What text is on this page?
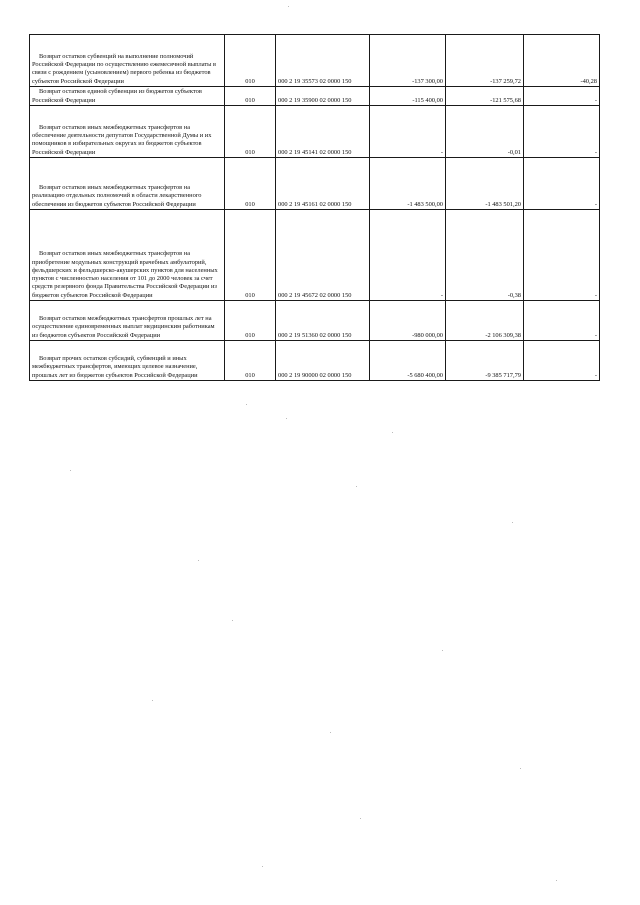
Возврат остатков субвенций на выполнение полномочий Российской Федерации по осуществлению ежемесячной выплаты в связи с рождением (усыновлением) первого ребенка из бюджетов субъектов Российской Федерации	010	000 2 19 35573 02 0000 150	-137 300,00	-137 259,72	-40,28

Возврат остатков единой субвенции из бюджетов субъектов Российской Федерации	010	000 2 19 35900 02 0000 150	-115 400,00	-121 575,68	-

Возврат остатков иных межбюджетных трансфертов на обеспечение деятельности депутатов Государственной Думы и их помощников в избирательных округах из бюджетов субъектов Российской Федерации	010	000 2 19 45141 02 0000 150	-	-0,01	-

Возврат остатков иных межбюджетных трансфертов на реализацию отдельных полномочий в области лекарственного обеспечения из бюджетов субъектов Российской Федерации	010	000 2 19 45161 02 0000 150	-1 483 500,00	-1 483 501,20	-

Возврат остатков иных межбюджетных трансфертов на приобретение модульных конструкций врачебных амбулаторий, фельдшерских и фельдшерско-акушерских пунктов для населенных пунктов с численностью населения от 101 до 2000 человек за счет средств резервного фонда Правительства Российской Федерации из бюджетов субъектов Российской Федерации	010	000 2 19 45672 02 0000 150	-	-0,38	-

Возврат остатков межбюджетных трансфертов прошлых лет на осуществление единовременных выплат медицинским работникам из бюджетов субъектов Российской Федерации	010	000 2 19 51360 02 0000 150	-980 000,00	-2 106 309,38	-

Возврат прочих остатков субсидий, субвенций и иных межбюджетных трансфертов, имеющих целевое назначение, прошлых лет из бюджетов субъектов Российской Федерации	010	000 2 19 90000 02 0000 150	-5 680 400,00	-9 385 717,79	-
